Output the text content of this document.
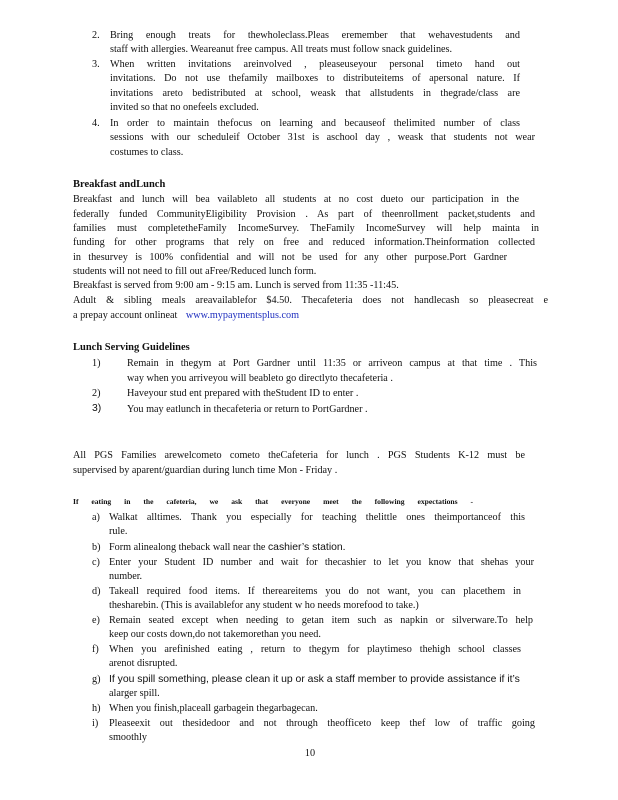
2. Bring enough treats for thewholeclass.Pleas eremember that wehavestudents and
staff with allergies. Weareanut free campus. All treats must follow snack guidelines.
3. When written invitations areinvolved , pleaseuseyour personal timeto hand out
invitations. Do not use thefamily mailboxes to distributeitems of apersonal nature. If
invitations areto bedistributed at school, weask that allstudents in thegrade/class are
invited so that no onefeels excluded.
4. In order to maintain thefocus on learning and becauseof thelimited number of class
sessions with our scheduleif October 31st is aschool day , weask that students not wear
costumes to class.
Breakfast andLunch
Breakfast and lunch will bea vailableto all students at no cost dueto our participation in the
federally funded CommunityEligibility Provision . As part of theenrollment packet,students and
families must completetheFamily IncomeSurvey. TheFamily IncomeSurvey will help mainta in
funding for other programs that rely on free and reduced information.Theinformation collected
in thesurvey is 100% confidential and will not be used for any other purpose.Port Gardner
students will not need to fill out aFree/Reduced lunch form.
Breakfast is served from 9:00 am - 9:15 am. Lunch is served from 11:35 -11:45.
Adult & sibling meals areavailablefor $4.50. Thecafeteria does not handlecash so pleasecreat e
a prepay account onlineat www.mypaymentsplus.com
Lunch Serving Guidelines
1)	Remain in thegym at Port Gardner until 11:35 or arriveon campus at that time . This
way when you arriveyou will beableto go directlyto thecafeteria .
2)	Haveyour stud ent prepared with theStudent ID to enter .
3)	You may eatlunch in thecafeteria or return to PortGardner .
All PGS Families arewelcometo cometo theCafeteria for lunch . PGS Students K-12 must be
supervised by aparent/guardian during lunch time Mon - Friday .
If eating in the cafeteria, we ask that everyone meet the following expectations -
a) Walkat alltimes. Thank you especially for teaching thelittle ones theimportanceof this
rule.
b) Form alinealong theback wall near the cashier’s station.
c) Enter your Student ID number and wait for thecashier to let you know that shehas your
number.
d) Takeall required food items. If thereareitems you do not want, you can placethem in
thesharebin. (This is availablefor any student w ho needs morefood to take.)
e) Remain seated except when needing to getan item such as napkin or silverware.To help
keep our costs down,do not takemorethan you need.
f) When you arefinished eating , return to thegym for playtimeso thehigh school classes
arenot disrupted.
g) If you spill something, please clean it up or ask a staff member to provide assistance if it’s
alarger spill.
h) When you finish,placeall garbagein thegarbagecan.
i) Pleaseexit out thesidedoor and not through theofficeto keep thef low of traffic going
smoothly
10
